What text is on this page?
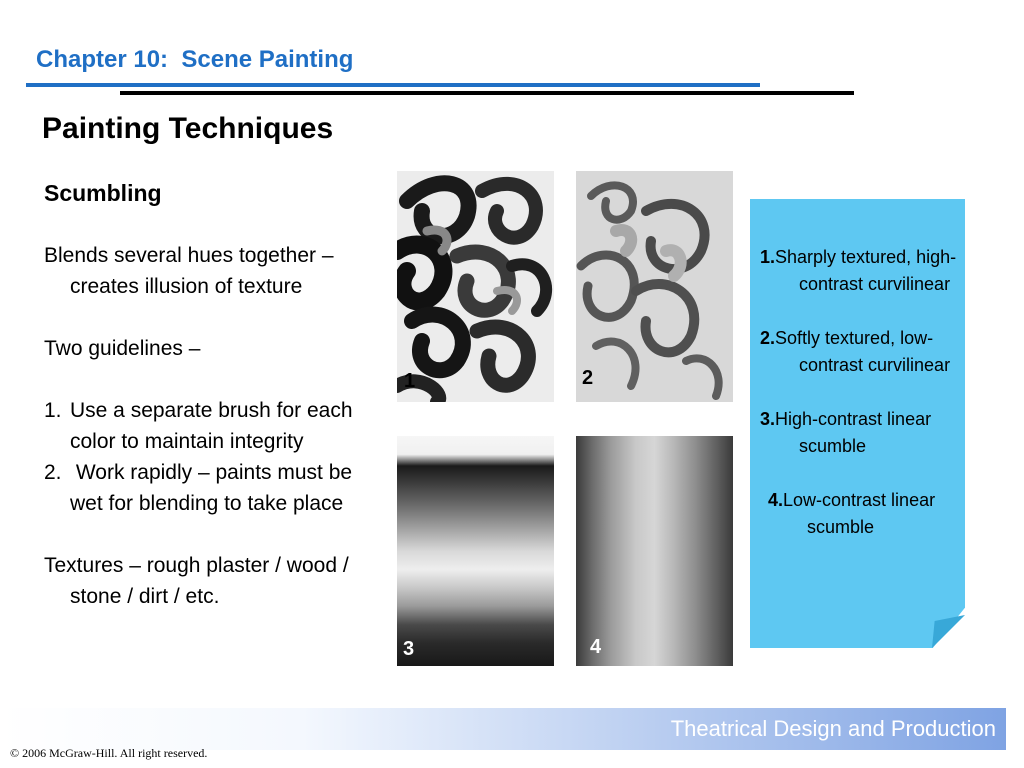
Chapter 10:  Scene Painting
Painting Techniques
Scumbling

Blends several hues together – creates illusion of texture

Two guidelines –

1. Use a separate brush for each color to maintain integrity
2. Work rapidly – paints must be wet for blending to take place

Textures – rough plaster / wood / stone / dirt / etc.

1	2
3	4

1.Sharply textured, high-contrast curvilinear

2.Softly textured, low-contrast curvilinear

3.High-contrast linear scumble

4.Low-contrast linear scumble

Theatrical Design and Production
© 2006 McGraw-Hill. All right reserved.
